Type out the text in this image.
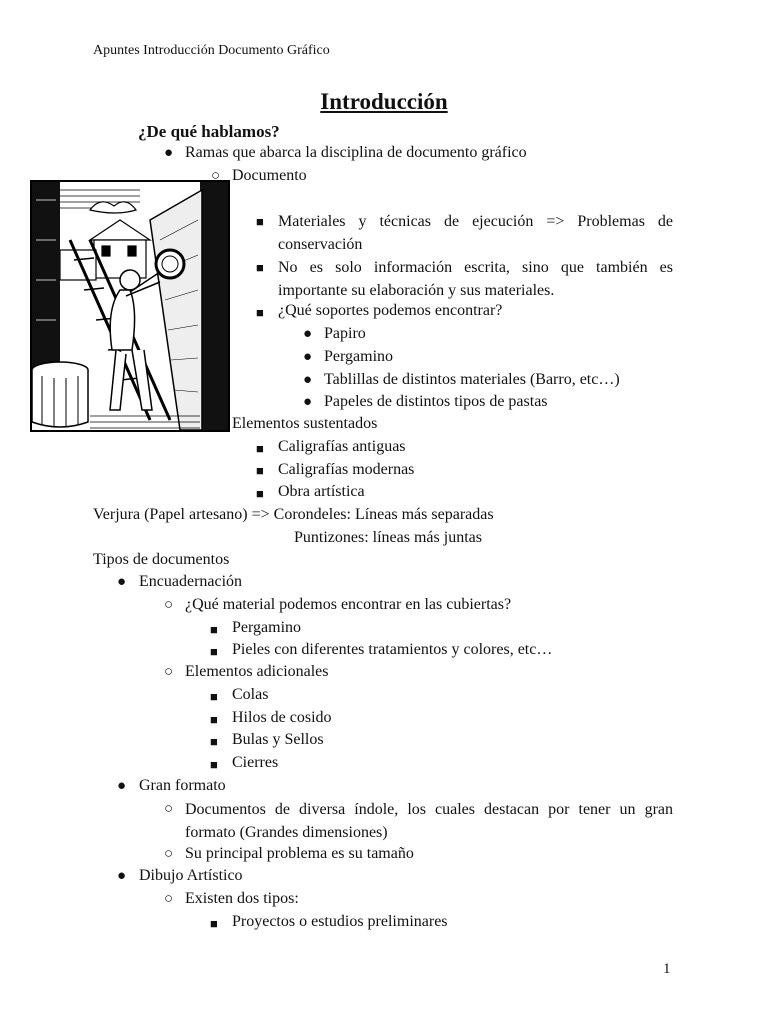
Apuntes Introducción Documento Gráfico
Introducción
¿De qué hablamos?
● Ramas que abarca la disciplina de documento gráfico
○ Documento
■ Materiales y técnicas de ejecución => Problemas de conservación
■ No es solo información escrita, sino que también es importante su elaboración y sus materiales.
■ ¿Qué soportes podemos encontrar?
● Papiro
● Pergamino
● Tablillas de distintos materiales (Barro, etc…)
● Papeles de distintos tipos de pastas
○ Elementos sustentados
■ Caligrafías antiguas
■ Caligrafías modernas
■ Obra artística
Verjura (Papel artesano) => Corondeles: Líneas más separadas
Puntizones: líneas más juntas
Tipos de documentos
● Encuadernación
○ ¿Qué material podemos encontrar en las cubiertas?
■ Pergamino
■ Pieles con diferentes tratamientos y colores, etc…
○ Elementos adicionales
■ Colas
■ Hilos de cosido
■ Bulas y Sellos
■ Cierres
● Gran formato
○ Documentos de diversa índole, los cuales destacan por tener un gran formato (Grandes dimensiones)
○ Su principal problema es su tamaño
● Dibujo Artístico
○ Existen dos tipos:
■ Proyectos o estudios preliminares
1
